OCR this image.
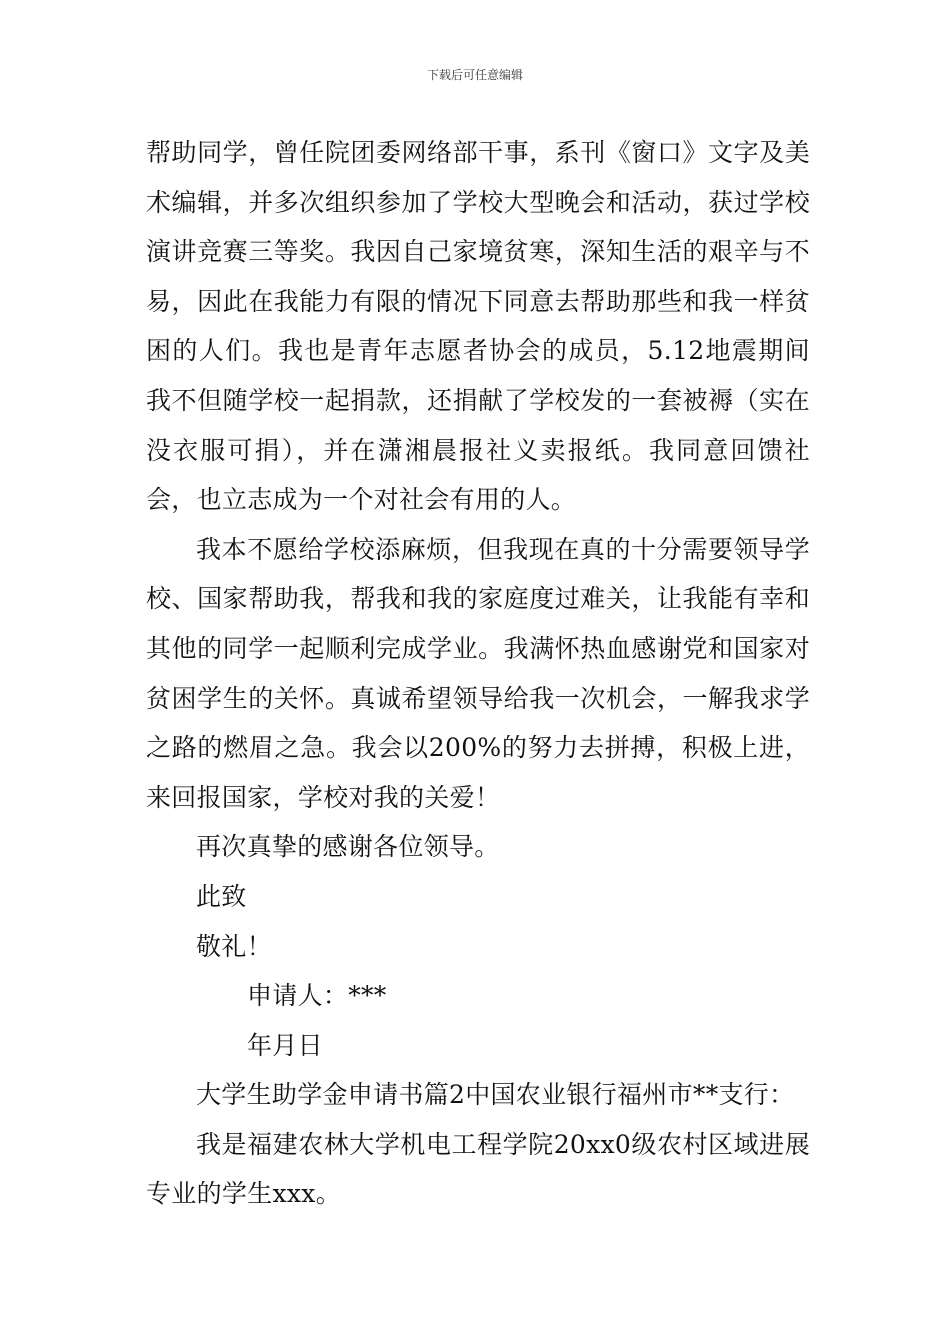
下载后可任意编辑

帮助同学，曾任院团委网络部干事，系刊《窗口》文字及美术编辑，并多次组织参加了学校大型晚会和活动，获过学校演讲竞赛三等奖。我因自己家境贫寒，深知生活的艰辛与不易，因此在我能力有限的情况下同意去帮助那些和我一样贫困的人们。我也是青年志愿者协会的成员，5.12地震期间我不但随学校一起捐款，还捐献了学校发的一套被褥（实在没衣服可捐），并在潇湘晨报社义卖报纸。我同意回馈社会，也立志成为一个对社会有用的人。

我本不愿给学校添麻烦，但我现在真的十分需要领导学校、国家帮助我，帮我和我的家庭度过难关，让我能有幸和其他的同学一起顺利完成学业。我满怀热血感谢党和国家对贫困学生的关怀。真诚希望领导给我一次机会，一解我求学之路的燃眉之急。我会以200%的努力去拼搏，积极上进，来回报国家，学校对我的关爱！

再次真挚的感谢各位领导。

此致

敬礼！

申请人：***

年月日

大学生助学金申请书篇2中国农业银行福州市**支行：

我是福建农林大学机电工程学院20xx0级农村区域进展专业的学生xxx。
